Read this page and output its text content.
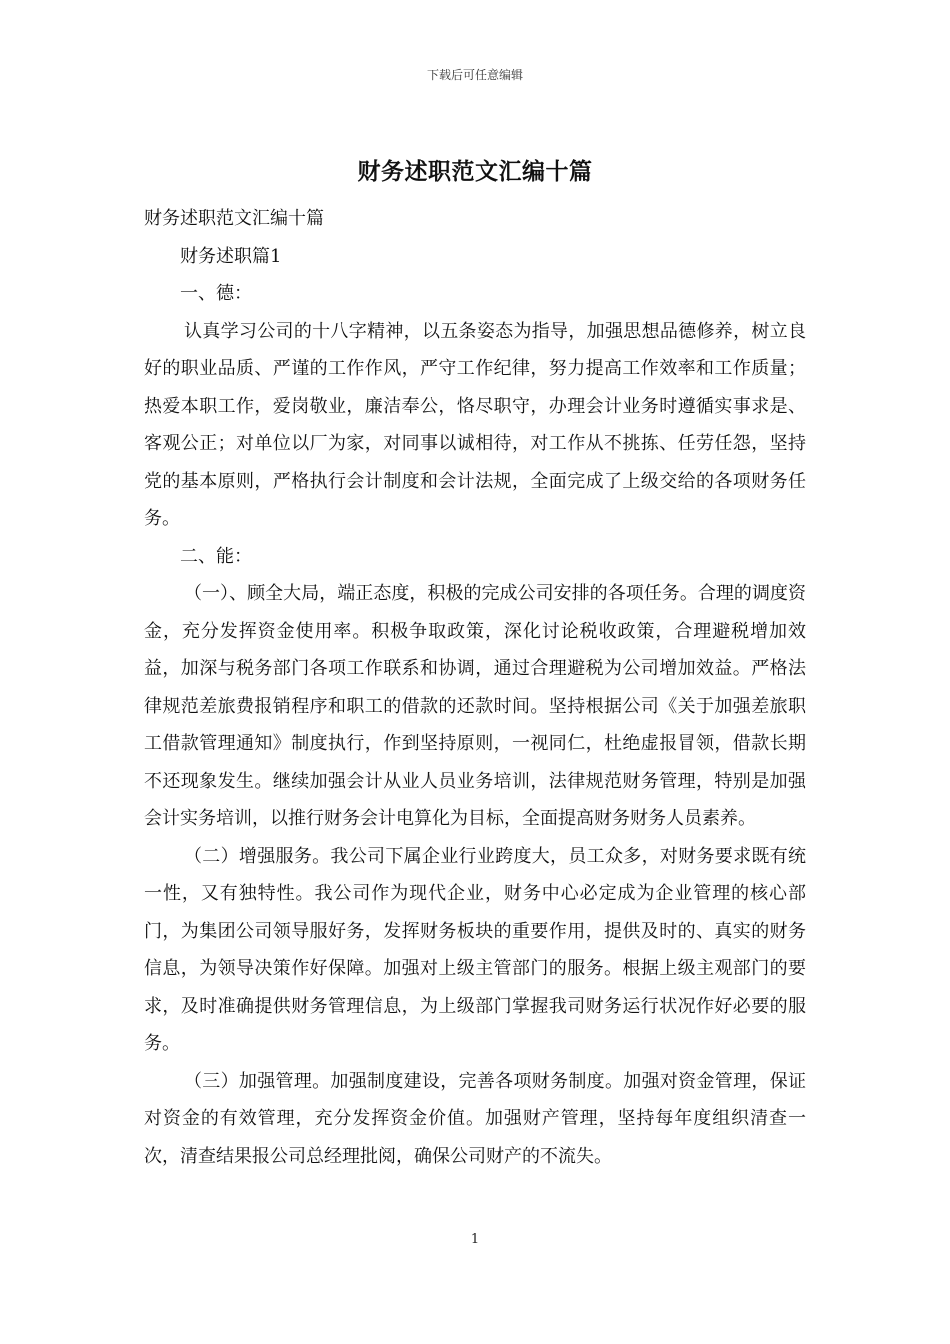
下载后可任意编辑
财务述职范文汇编十篇

财务述职范文汇编十篇

财务述职篇1

一、德：

认真学习公司的十八字精神，以五条姿态为指导，加强思想品德修养，树立良好的职业品质、严谨的工作作风，严守工作纪律，努力提高工作效率和工作质量；热爱本职工作，爱岗敬业，廉洁奉公，恪尽职守，办理会计业务时遵循实事求是、客观公正；对单位以厂为家，对同事以诚相待，对工作从不挑拣、任劳任怨，坚持党的基本原则，严格执行会计制度和会计法规，全面完成了上级交给的各项财务任务。

二、能：

（一）、顾全大局，端正态度，积极的完成公司安排的各项任务。合理的调度资金，充分发挥资金使用率。积极争取政策，深化讨论税收政策，合理避税增加效益，加深与税务部门各项工作联系和协调，通过合理避税为公司增加效益。严格法律规范差旅费报销程序和职工的借款的还款时间。坚持根据公司《关于加强差旅职工借款管理通知》制度执行，作到坚持原则，一视同仁，杜绝虚报冒领，借款长期不还现象发生。继续加强会计从业人员业务培训，法律规范财务管理，特别是加强会计实务培训，以推行财务会计电算化为目标，全面提高财务财务人员素养。

（二）增强服务。我公司下属企业行业跨度大，员工众多，对财务要求既有统一性，又有独特性。我公司作为现代企业，财务中心必定成为企业管理的核心部门，为集团公司领导服好务，发挥财务板块的重要作用，提供及时的、真实的财务信息，为领导决策作好保障。加强对上级主管部门的服务。根据上级主观部门的要求，及时准确提供财务管理信息，为上级部门掌握我司财务运行状况作好必要的服务。

（三）加强管理。加强制度建设，完善各项财务制度。加强对资金管理，保证对资金的有效管理，充分发挥资金价值。加强财产管理，坚持每年度组织清查一次，清查结果报公司总经理批阅，确保公司财产的不流失。

1
